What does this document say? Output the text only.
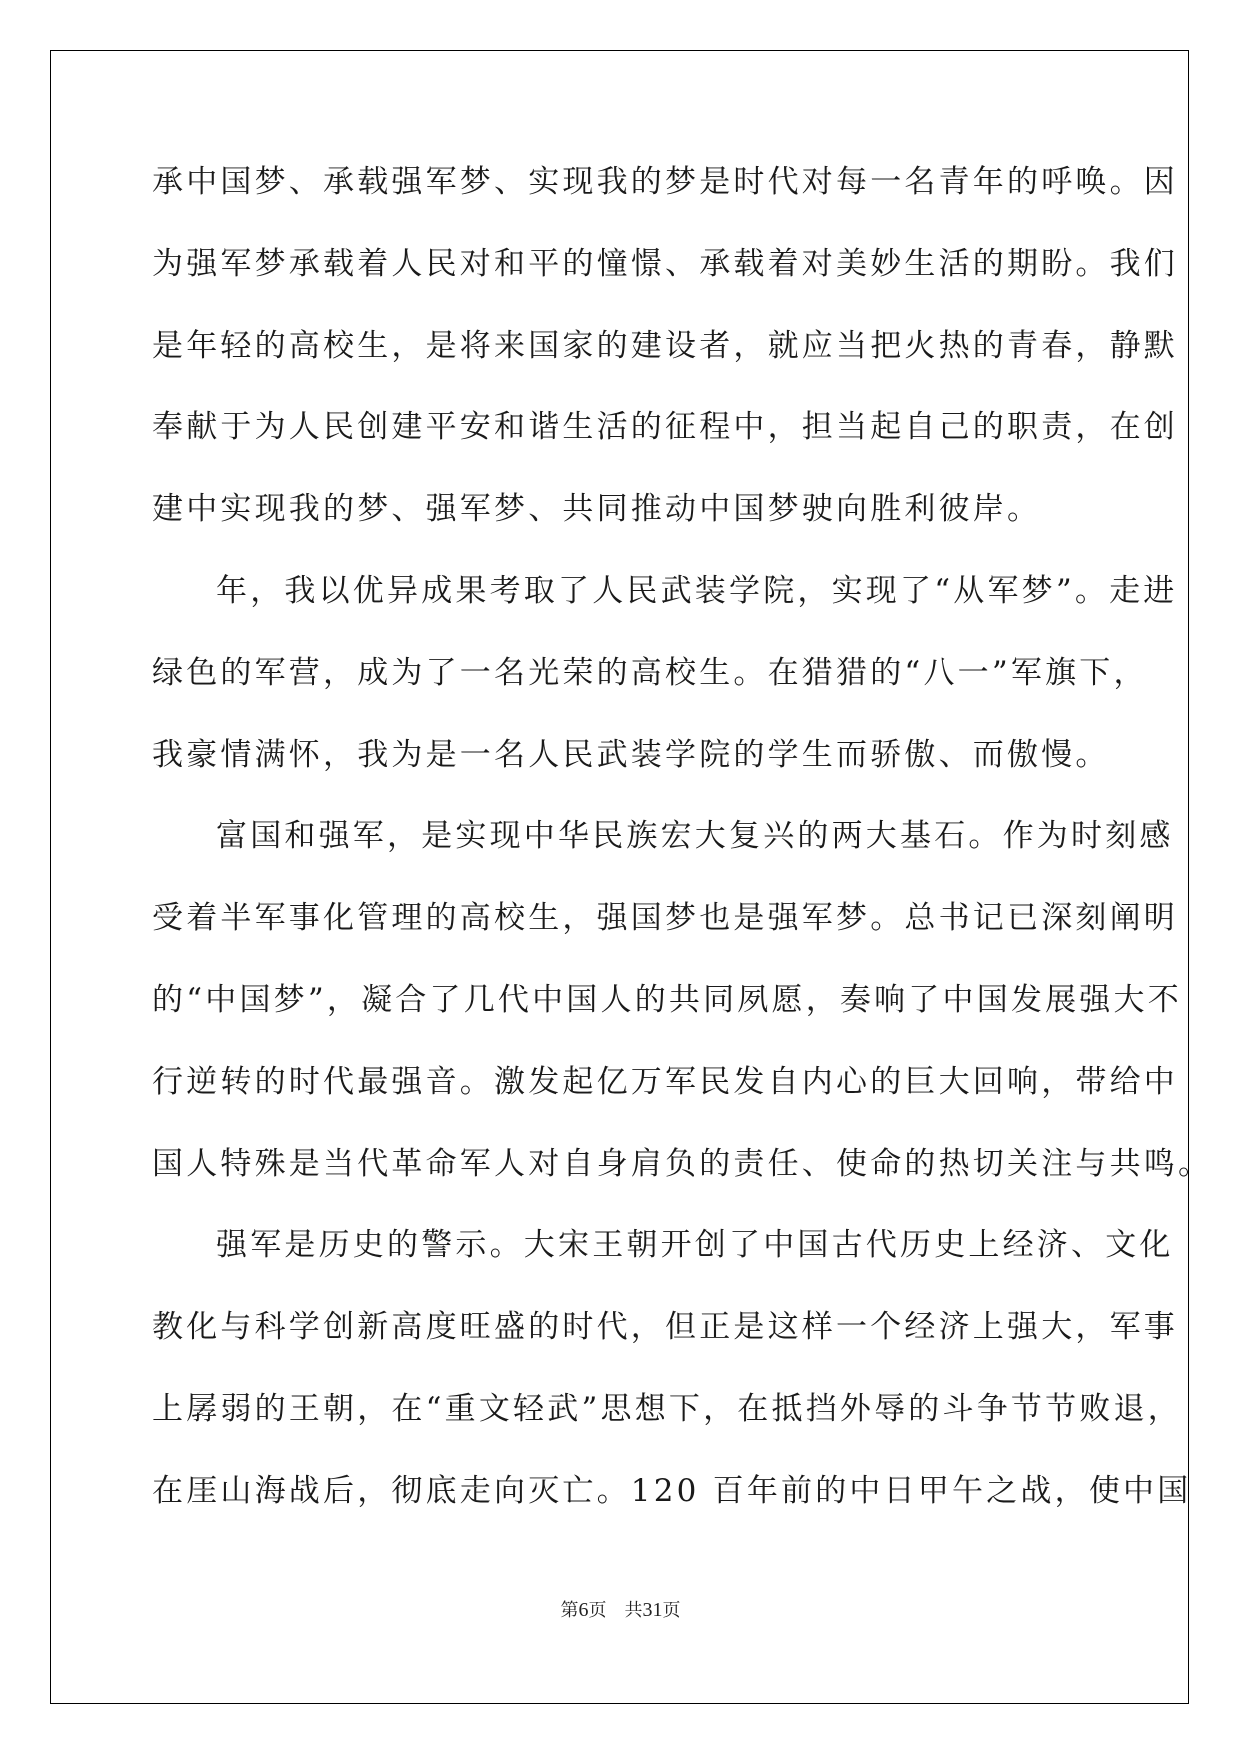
承中国梦、承载强军梦、实现我的梦是时代对每一名青年的呼唤。因
为强军梦承载着人民对和平的憧憬、承载着对美妙生活的期盼。我们
是年轻的高校生，是将来国家的建设者，就应当把火热的青春，静默
奉献于为人民创建平安和谐生活的征程中，担当起自己的职责，在创
建中实现我的梦、强军梦、共同推动中国梦驶向胜利彼岸。
年，我以优异成果考取了人民武装学院，实现了“从军梦”。走进
绿色的军营，成为了一名光荣的高校生。在猎猎的“八一”军旗下，
我豪情满怀，我为是一名人民武装学院的学生而骄傲、而傲慢。
富国和强军，是实现中华民族宏大复兴的两大基石。作为时刻感
受着半军事化管理的高校生，强国梦也是强军梦。总书记已深刻阐明
的“中国梦”，凝合了几代中国人的共同夙愿，奏响了中国发展强大不
行逆转的时代最强音。激发起亿万军民发自内心的巨大回响，带给中
国人特殊是当代革命军人对自身肩负的责任、使命的热切关注与共鸣。
强军是历史的警示。大宋王朝开创了中国古代历史上经济、文化
教化与科学创新高度旺盛的时代，但正是这样一个经济上强大，军事
上孱弱的王朝，在“重文轻武”思想下，在抵挡外辱的斗争节节败退，
在厓山海战后，彻底走向灭亡。120 百年前的中日甲午之战，使中国
第6页　共31页
